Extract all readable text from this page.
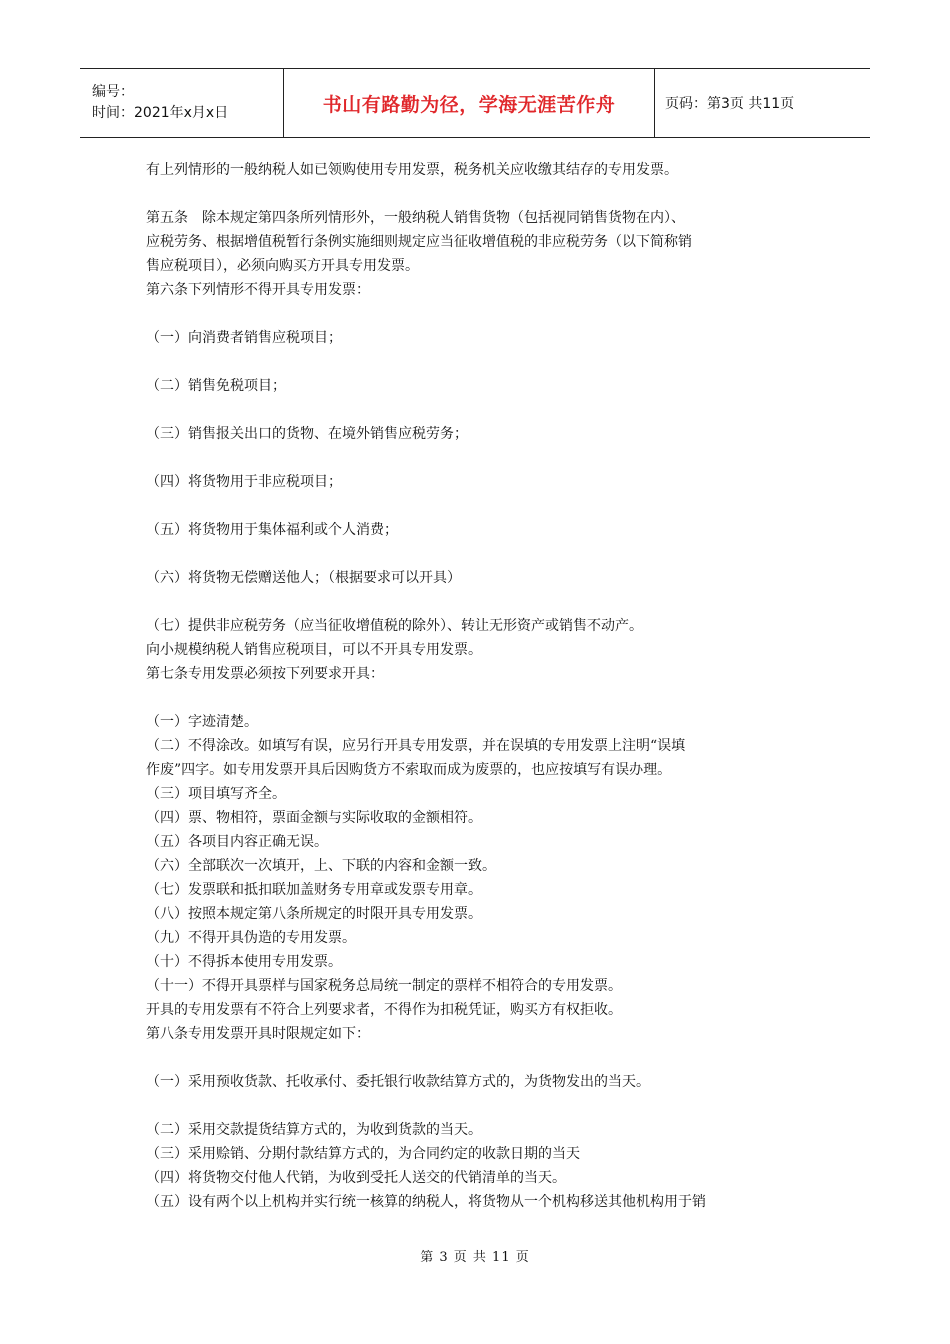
编号：
时间：2021年x月x日	书山有路勤为径，学海无涯苦作舟	页码：第3页 共11页
有上列情形的一般纳税人如已领购使用专用发票，税务机关应收缴其结存的专用发票。
第五条　除本规定第四条所列情形外，一般纳税人销售货物（包括视同销售货物在内）、
应税劳务、根据增值税暂行条例实施细则规定应当征收增值税的非应税劳务（以下简称销
售应税项目），必须向购买方开具专用发票。
第六条下列情形不得开具专用发票：
（一）向消费者销售应税项目；
（二）销售免税项目；
（三）销售报关出口的货物、在境外销售应税劳务；
（四）将货物用于非应税项目；
（五）将货物用于集体福利或个人消费；
（六）将货物无偿赠送他人；（根据要求可以开具）
（七）提供非应税劳务（应当征收增值税的除外）、转让无形资产或销售不动产。
向小规模纳税人销售应税项目，可以不开具专用发票。
第七条专用发票必须按下列要求开具：
（一）字迹清楚。
（二）不得涂改。如填写有误，应另行开具专用发票，并在误填的专用发票上注明“误填
作废”四字。如专用发票开具后因购货方不索取而成为废票的，也应按填写有误办理。
（三）项目填写齐全。
（四）票、物相符，票面金额与实际收取的金额相符。
（五）各项目内容正确无误。
（六）全部联次一次填开，上、下联的内容和金额一致。
（七）发票联和抵扣联加盖财务专用章或发票专用章。
（八）按照本规定第八条所规定的时限开具专用发票。
（九）不得开具伪造的专用发票。
（十）不得拆本使用专用发票。
（十一）不得开具票样与国家税务总局统一制定的票样不相符合的专用发票。
开具的专用发票有不符合上列要求者，不得作为扣税凭证，购买方有权拒收。
第八条专用发票开具时限规定如下：
（一）采用预收货款、托收承付、委托银行收款结算方式的，为货物发出的当天。
（二）采用交款提货结算方式的，为收到货款的当天。
（三）采用赊销、分期付款结算方式的，为合同约定的收款日期的当天
（四）将货物交付他人代销，为收到受托人送交的代销清单的当天。
（五）设有两个以上机构并实行统一核算的纳税人，将货物从一个机构移送其他机构用于销
第 3 页 共 11 页
